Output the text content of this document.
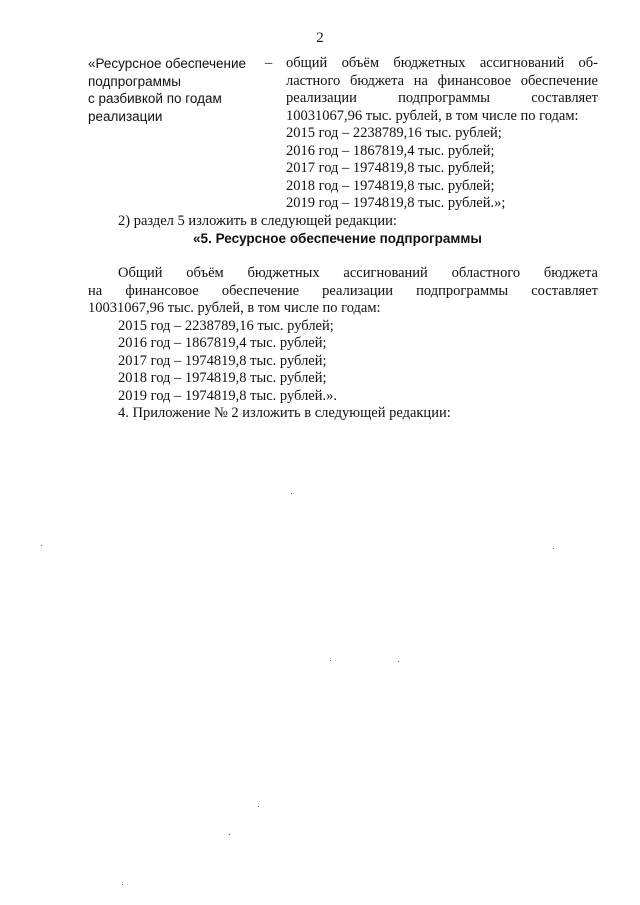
2
«Ресурсное обеспечение
подпрограммы
с разбивкой по годам
реализации
– общий объём бюджетных ассигнований об-
ластного бюджета на финансовое обеспечение
реализации подпрограммы составляет
10031067,96 тыс. рублей, в том числе по годам:
2015 год – 2238789,16 тыс. рублей;
2016 год – 1867819,4 тыс. рублей;
2017 год – 1974819,8 тыс. рублей;
2018 год – 1974819,8 тыс. рублей;
2019 год – 1974819,8 тыс. рублей.»;
2) раздел 5 изложить в следующей редакции:
«5. Ресурсное обеспечение подпрограммы
Общий объём бюджетных ассигнований областного бюджета
на финансовое обеспечение реализации подпрограммы составляет
10031067,96 тыс. рублей, в том числе по годам:
2015 год – 2238789,16 тыс. рублей;
2016 год – 1867819,4 тыс. рублей;
2017 год – 1974819,8 тыс. рублей;
2018 год – 1974819,8 тыс. рублей;
2019 год – 1974819,8 тыс. рублей.».
4. Приложение № 2 изложить в следующей редакции:
